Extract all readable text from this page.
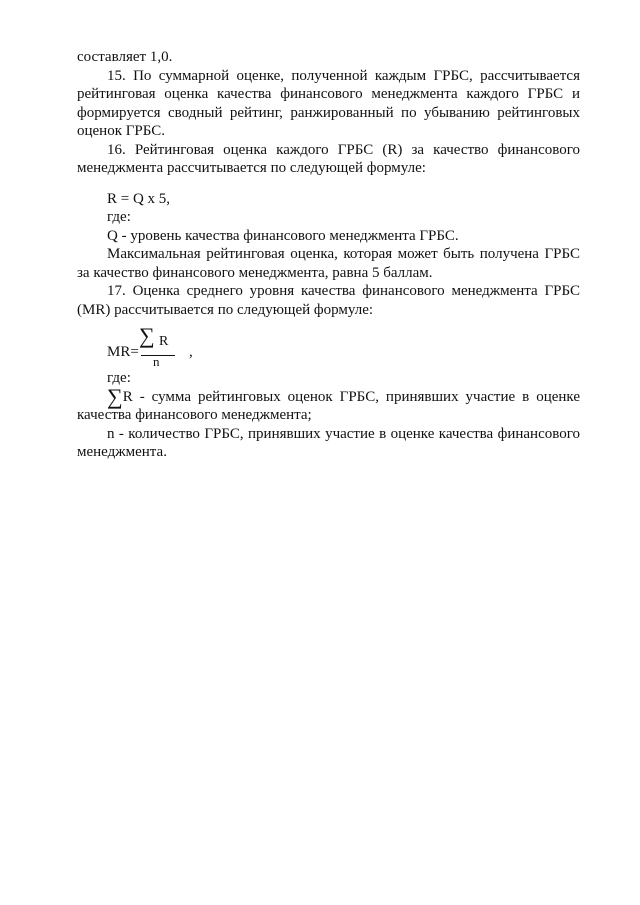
составляет 1,0.

15. По суммарной оценке, полученной каждым ГРБС, рассчитывается рейтинговая оценка качества финансового менеджмента каждого ГРБС и формируется сводный рейтинг, ранжированный по убыванию рейтинговых оценок ГРБС.

16. Рейтинговая оценка каждого ГРБС (R) за качество финансового менеджмента рассчитывается по следующей формуле:

R = Q x 5,

где:

Q - уровень качества финансового менеджмента ГРБС.

Максимальная рейтинговая оценка, которая может быть получена ГРБС за качество финансового менеджмента, равна 5 баллам.

17. Оценка среднего уровня качества финансового менеджмента ГРБС (MR) рассчитывается по следующей формуле:

MR=
∑ R
n
,

где:

∑R - сумма рейтинговых оценок ГРБС, принявших участие в оценке качества финансового менеджмента;

n - количество ГРБС, принявших участие в оценке качества финансового менеджмента.
